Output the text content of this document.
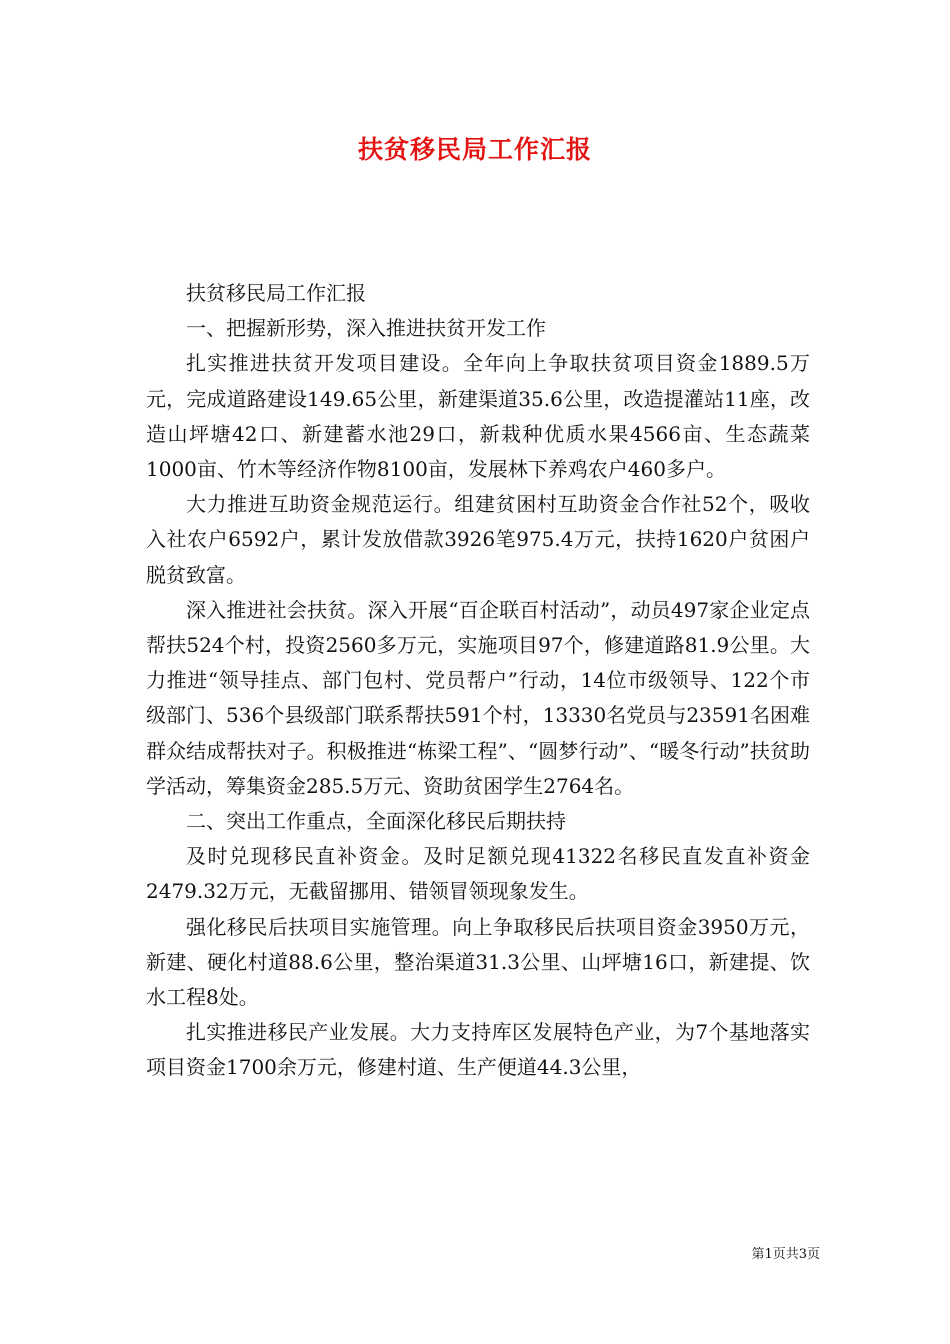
扶贫移民局工作汇报

扶贫移民局工作汇报

一、把握新形势，深入推进扶贫开发工作

扎实推进扶贫开发项目建设。全年向上争取扶贫项目资金1889.5万元，完成道路建设149.65公里，新建渠道35.6公里，改造提灌站11座，改造山坪塘42口、新建蓄水池29口，新栽种优质水果4566亩、生态蔬菜1000亩、竹木等经济作物8100亩，发展林下养鸡农户460多户。

大力推进互助资金规范运行。组建贫困村互助资金合作社52个，吸收入社农户6592户，累计发放借款3926笔975.4万元，扶持1620户贫困户脱贫致富。

深入推进社会扶贫。深入开展“百企联百村活动”，动员497家企业定点帮扶524个村，投资2560多万元，实施项目97个，修建道路81.9公里。大力推进“领导挂点、部门包村、党员帮户”行动，14位市级领导、122个市级部门、536个县级部门联系帮扶591个村，13330名党员与23591名困难群众结成帮扶对子。积极推进“栋梁工程”、“圆梦行动”、“暖冬行动”扶贫助学活动，筹集资金285.5万元、资助贫困学生2764名。

二、突出工作重点，全面深化移民后期扶持

及时兑现移民直补资金。及时足额兑现41322名移民直发直补资金2479.32万元，无截留挪用、错领冒领现象发生。

强化移民后扶项目实施管理。向上争取移民后扶项目资金3950万元，新建、硬化村道88.6公里，整治渠道31.3公里、山坪塘16口，新建提、饮水工程8处。

扎实推进移民产业发展。大力支持库区发展特色产业，为7个基地落实项目资金1700余万元，修建村道、生产便道44.3公里，

第1页共3页
